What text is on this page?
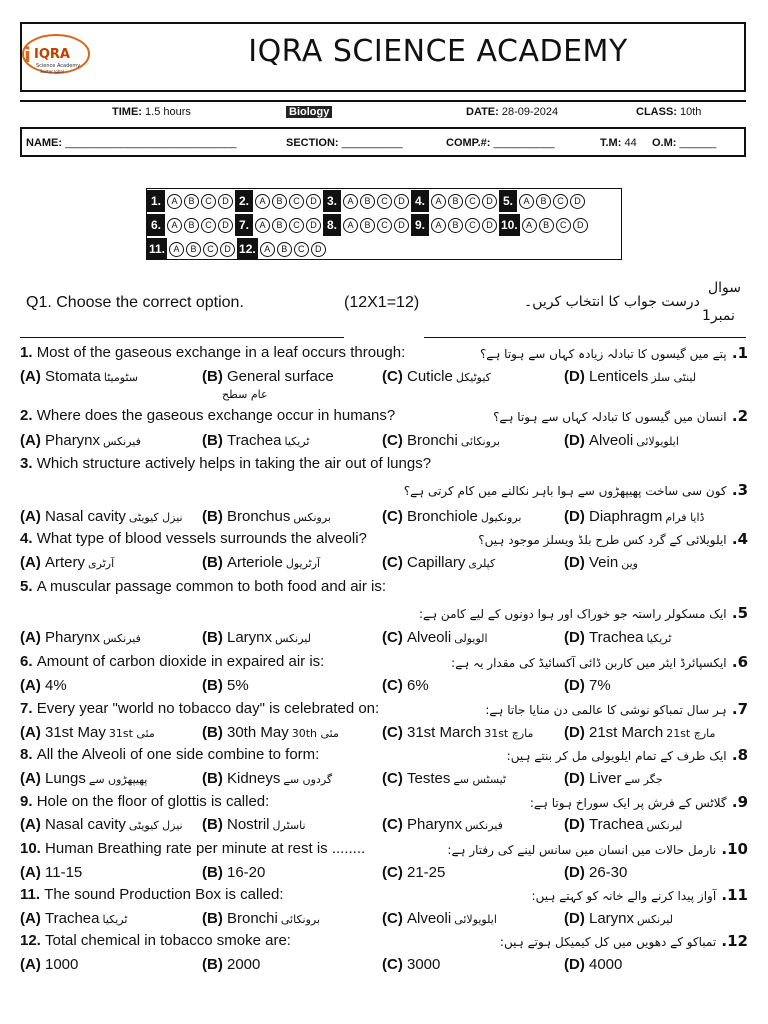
i IQRA
Science Academy
Sector Iqbal
IQRA SCIENCE ACADEMY
TIME: 1.5 hours	Biology	DATE: 28-09-2024	CLASS: 10th
NAME: ____________________________	SECTION: __________	COMP.#: __________	T.M: 44 O.M: ______
1.	A	B	C	D 2.	A	B	C	D 3.	A	B	C	D 4.	A	B	C	D 5.	A	B	C	D
6.	A	B	C	D 7.	A	B	C	D 8.	A	B	C	D 9.	A	B	C	D 10. A	B	C	D
11. A	B	C	D 12. A	B	C	D
Q1. Choose the correct option.	(12X1=12)	درست جواب کا انتخاب کریں۔
سوال
نمبر1
1. Most of the gaseous exchange in a leaf occurs through:	1. پتے میں گیسوں کا تبادلہ زیادہ کہاں سے ہوتا ہے؟
(A) Stomata سٹومیٹا	(B) General surface	(C) Cuticle کیوٹیکل	(D) Lenticels لینٹی سلز
عام سطح
2. Where does the gaseous exchange occur in humans?	2. انسان میں گیسوں کا تبادلہ کہاں سے ہوتا ہے؟
(A) Pharynx فیرنکس	(B) Trachea ٹریکیا	(C) Bronchi برونکائی	(D) Alveoli ایلویولائی
3. Which structure actively helps in taking the air out of lungs?
3. کون سی ساخت پھیپھڑوں سے ہوا باہر نکالنے میں کام کرتی ہے؟
(A) Nasal cavity نیزل کیویٹی (B) Bronchus برونکس	(C) Bronchiole برونکیول	(D) Diaphragm ڈایا فرام
4. What type of blood vessels surrounds the alveoli?	4. ایلویلائی کے گرد کس طرح بلڈ ویسلز موجود ہیں؟
(A) Artery آرٹری	(B) Arteriole آرٹریول	(C) Capillary کپلری	(D) Vein وین
5. A muscular passage common to both food and air is:
5. ایک مسکولر راستہ جو خوراک اور ہوا دونوں کے لیے کامن ہے:
(A) Pharynx فیرنکس	(B) Larynx لیرنکس	(C) Alveoli الویولی	(D) Trachea ٹریکیا
6. Amount of carbon dioxide in expaired air is:	6. ایکسپائرڈ ایئر میں کاربن ڈائی آکسائیڈ کی مقدار یہ ہے:
(A) 4%	(B) 5%	(C) 6%	(D) 7%
7. Every year "world no tobacco day" is celebrated on:	7. ہر سال تمباکو نوشی کا عالمی دن منایا جاتا ہے:
(A) 31st May 31st مئی	(B) 30th May 30th مئی	(C) 31st March 31st مارچ (D) 21st March 21st مارچ
8. All the Alveoli of one side combine to form:	8. ایک طرف کے تمام ایلویولی مل کر بنتے ہیں:
(A) Lungs پھیپھڑوں سے	(B) Kidneys گردوں سے	(C) Testes ٹیسٹس سے	(D) Liver جگر سے
9. Hole on the floor of glottis is called:	9. گلاٹس کے فرش پر ایک سوراخ ہوتا ہے:
(A) Nasal cavity نیزل کیویٹی (B) Nostril ناسٹرل	(C) Pharynx فیرنکس	(D) Trachea لیرنکس
10. Human Breathing rate per minute at rest is ........	10. نارمل حالات میں انسان میں سانس لینے کی رفتار ہے:
(A) 11-15	(B) 16-20	(C) 21-25	(D) 26-30
11. The sound Production Box is called:	11. آواز پیدا کرنے والے خانہ کو کہتے ہیں:
(A) Trachea ٹریکیا	(B) Bronchi برونکائی	(C) Alveoli ایلویولائی	(D) Larynx لیرنکس
12. Total chemical in tobacco smoke are:	12. تمباکو کے دھویں میں کل کیمیکل ہوتے ہیں:
(A) 1000	(B) 2000	(C) 3000	(D) 4000
